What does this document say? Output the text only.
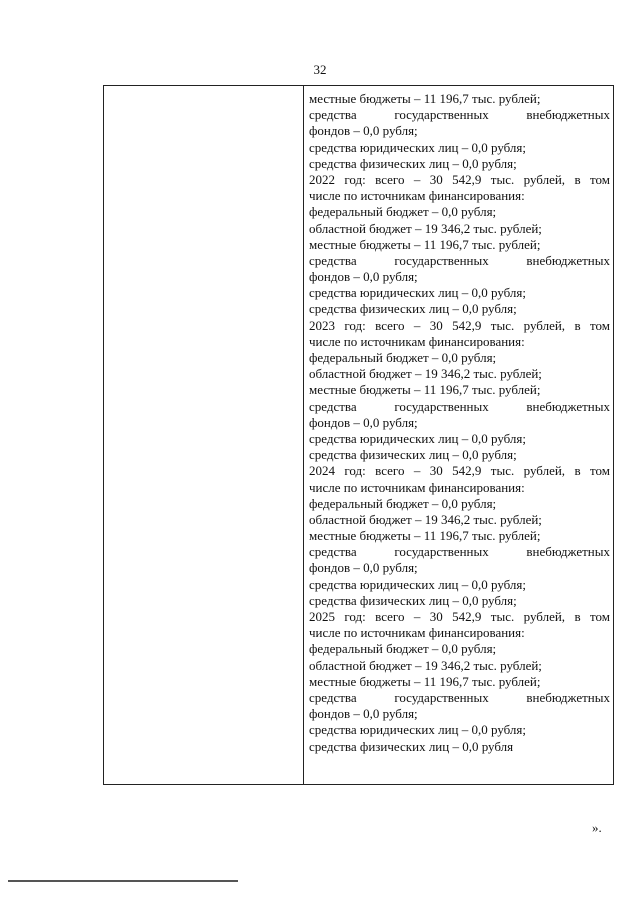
32
местные бюджеты – 11 196,7 тыс. рублей;
средства государственных внебюджетных
фондов – 0,0 рубля;
средства юридических лиц – 0,0 рубля;
средства физических лиц – 0,0 рубля;
2022 год: всего – 30 542,9 тыс. рублей, в том
числе по источникам финансирования:
федеральный бюджет – 0,0 рубля;
областной бюджет – 19 346,2 тыс. рублей;
местные бюджеты – 11 196,7 тыс. рублей;
средства государственных внебюджетных
фондов – 0,0 рубля;
средства юридических лиц – 0,0 рубля;
средства физических лиц – 0,0 рубля;
2023 год: всего – 30 542,9 тыс. рублей, в том
числе по источникам финансирования:
федеральный бюджет – 0,0 рубля;
областной бюджет – 19 346,2 тыс. рублей;
местные бюджеты – 11 196,7 тыс. рублей;
средства государственных внебюджетных
фондов – 0,0 рубля;
средства юридических лиц – 0,0 рубля;
средства физических лиц – 0,0 рубля;
2024 год: всего – 30 542,9 тыс. рублей, в том
числе по источникам финансирования:
федеральный бюджет – 0,0 рубля;
областной бюджет – 19 346,2 тыс. рублей;
местные бюджеты – 11 196,7 тыс. рублей;
средства государственных внебюджетных
фондов – 0,0 рубля;
средства юридических лиц – 0,0 рубля;
средства физических лиц – 0,0 рубля;
2025 год: всего – 30 542,9 тыс. рублей, в том
числе по источникам финансирования:
федеральный бюджет – 0,0 рубля;
областной бюджет – 19 346,2 тыс. рублей;
местные бюджеты – 11 196,7 тыс. рублей;
средства государственных внебюджетных
фондов – 0,0 рубля;
средства юридических лиц – 0,0 рубля;
средства физических лиц – 0,0 рубля
».
